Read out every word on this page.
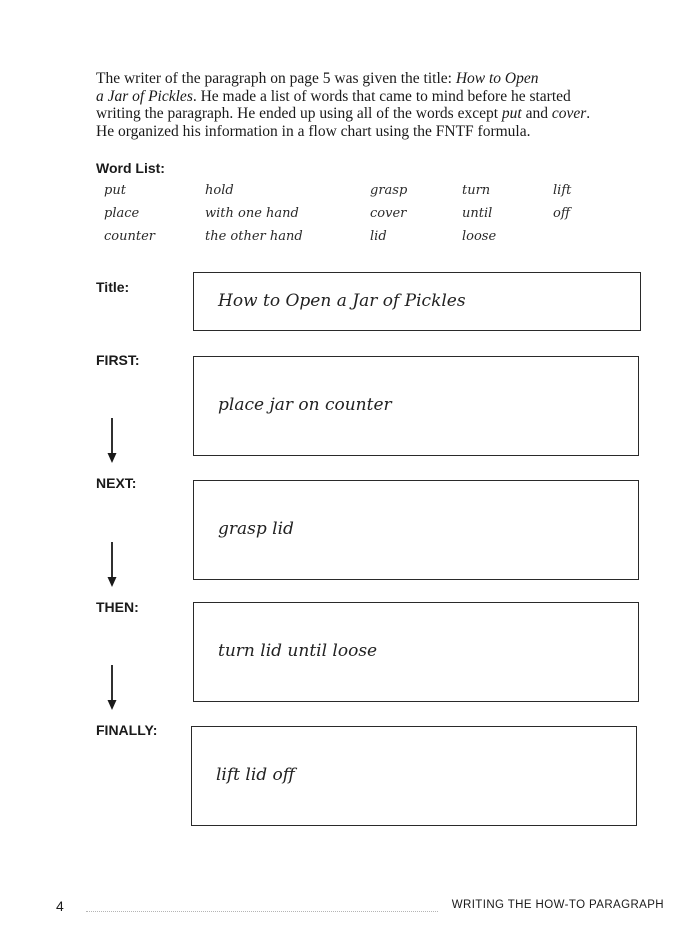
The writer of the paragraph on page 5 was given the title: How to Open

a Jar of Pickles. He made a list of words that came to mind before he started

writing the paragraph. He ended up using all of the words except put and cover.

He organized his information in a flow chart using the FNTF formula.

Word List:
put
place
counter
hold
with one hand
the other hand
grasp
cover
lid
turn
until
loose
lift
off
Title:
How to Open a Jar of Pickles
FIRST:
place jar on counter
NEXT:
grasp lid
THEN:
turn lid until loose
FINALLY:
lift lid off
4	WRITING THE HOW-TO PARAGRAPH
